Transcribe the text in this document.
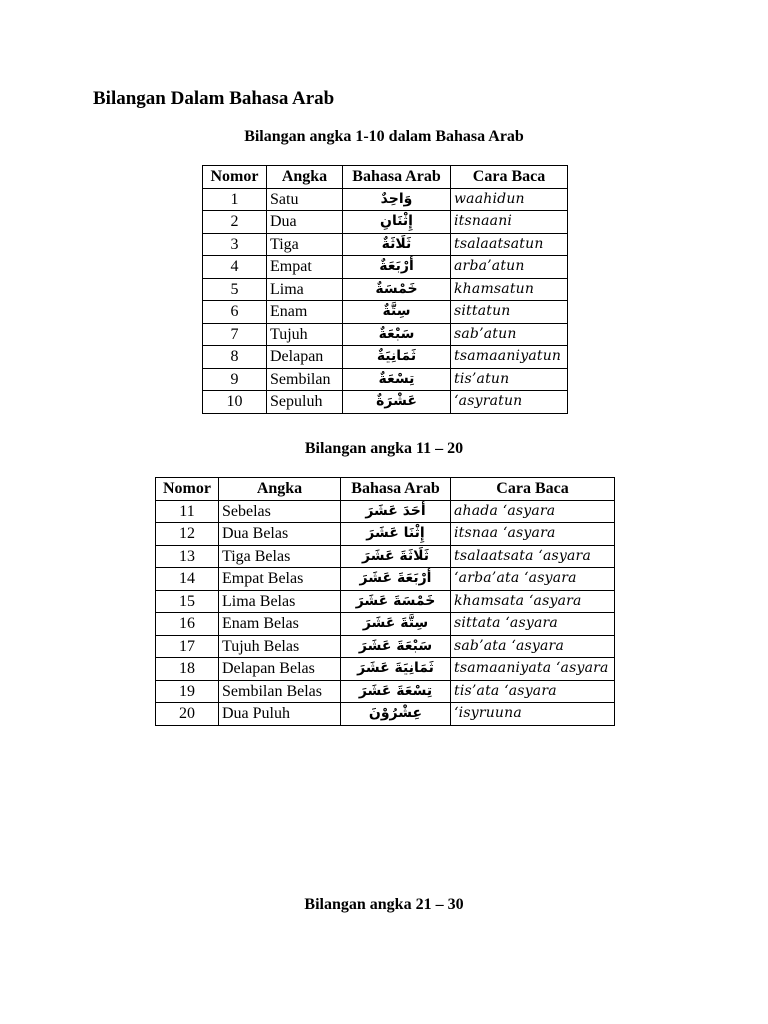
Bilangan Dalam Bahasa Arab
Bilangan angka 1-10 dalam Bahasa Arab
Nomor	Angka	Bahasa Arab	Cara Baca
1	Satu	وَاحِدٌ	waahidun
2	Dua	إِثْنَانِ	itsnaani
3	Tiga	ثَلَاثَةٌ	tsalaatsatun
4	Empat	أَرْبَعَةٌ	arba’atun
5	Lima	خَمْسَةٌ	khamsatun
6	Enam	سِتَّةٌ	sittatun
7	Tujuh	سَبْعَةٌ	sab’atun
8	Delapan	ثَمَانِيَةٌ	tsamaaniyatun
9	Sembilan	تِسْعَةٌ	tis’atun
10	Sepuluh	عَشْرَةٌ	‘asyratun
Bilangan angka 11 – 20
Nomor	Angka	Bahasa Arab	Cara Baca
11	Sebelas	أَحَدَ عَشَرَ	ahada ‘asyara
12	Dua Belas	إِثْنَا عَشَرَ	itsnaa ‘asyara
13	Tiga Belas	ثَلَاثَةَ عَشَرَ	tsalaatsata ‘asyara
14	Empat Belas	أَرْبَعَةَ عَشَرَ	‘arba’ata ‘asyara
15	Lima Belas	خَمْسَةَ عَشَرَ	khamsata ‘asyara
16	Enam Belas	سِتَّةَ عَشَرَ	sittata ‘asyara
17	Tujuh Belas	سَبْعَةَ عَشَرَ	sab’ata ‘asyara
18	Delapan Belas	ثَمَانِيَةَ عَشَرَ	tsamaaniyata ‘asyara
19	Sembilan Belas	تِسْعَةَ عَشَرَ	tis’ata ‘asyara
20	Dua Puluh	عِشْرُوْنَ	‘isyruuna
Bilangan angka 21 – 30
